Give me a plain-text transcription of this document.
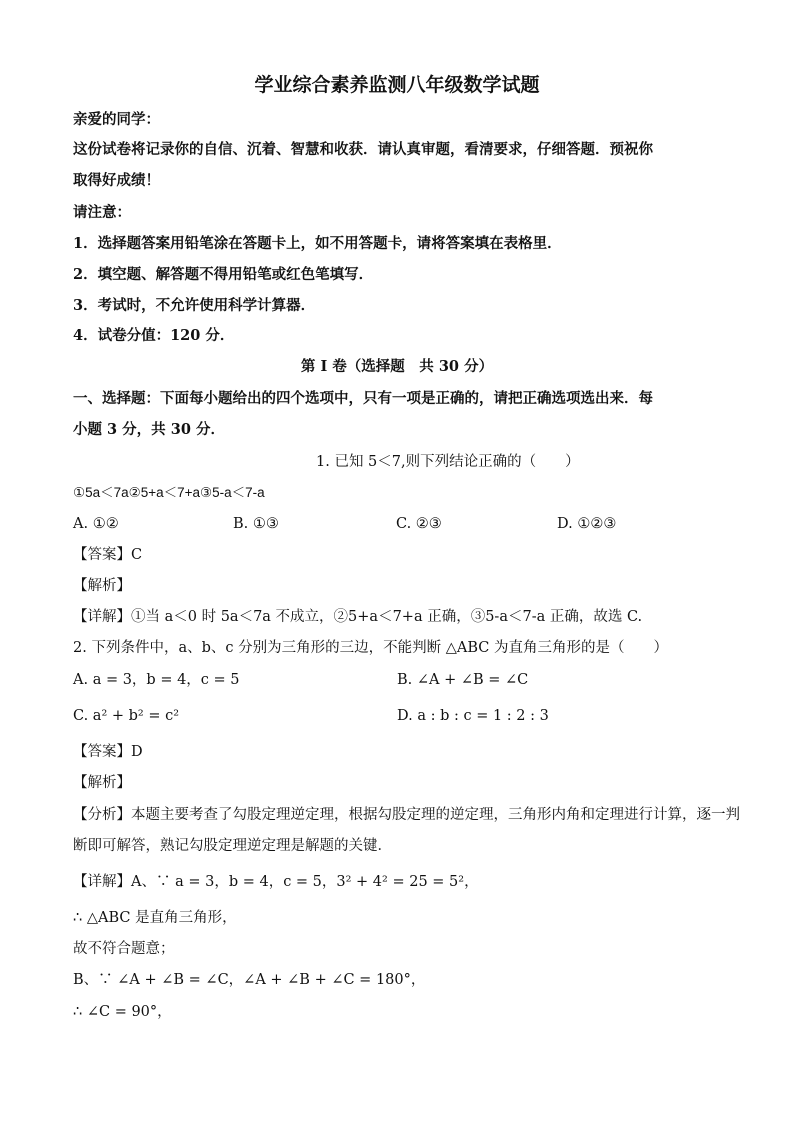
学业综合素养监测八年级数学试题
亲爱的同学：
这份试卷将记录你的自信、沉着、智慧和收获．请认真审题，看清要求，仔细答题．预祝你
取得好成绩！
请注意：
1．选择题答案用铅笔涂在答题卡上，如不用答题卡，请将答案填在表格里．
2．填空题、解答题不得用铅笔或红色笔填写．
3．考试时，不允许使用科学计算器．
4．试卷分值：120 分．
第 I 卷（选择题　共 30 分）
一、选择题：下面每小题给出的四个选项中，只有一项是正确的，请把正确选项选出来．每
小题 3 分，共 30 分．
1. 已知 5＜7,则下列结论正确的（　　）
①5a＜7a②5+a＜7+a③5-a＜7-a
A. ①②	B. ①③	C. ②③	D. ①②③
【答案】C
【解析】
【详解】①当 a＜0 时 5a＜7a 不成立，②5+a＜7+a 正确，③5-a＜7-a 正确，故选 C.
2. 下列条件中，a、b、c 分别为三角形的三边，不能判断 △ABC 为直角三角形的是（　　）
A. a = 3，b = 4，c = 5	B. ∠A + ∠B = ∠C
C. a² + b² = c²	D. a : b : c = 1 : 2 : 3
【答案】D
【解析】
【分析】本题主要考查了勾股定理逆定理，根据勾股定理的逆定理，三角形内角和定理进行计算，逐一判
断即可解答，熟记勾股定理逆定理是解题的关键．
【详解】A、∵ a = 3，b = 4，c = 5，3² + 4² = 25 = 5²，
∴ △ABC 是直角三角形，
故不符合题意；
B、∵ ∠A + ∠B = ∠C，∠A + ∠B + ∠C = 180°，
∴ ∠C = 90°，
